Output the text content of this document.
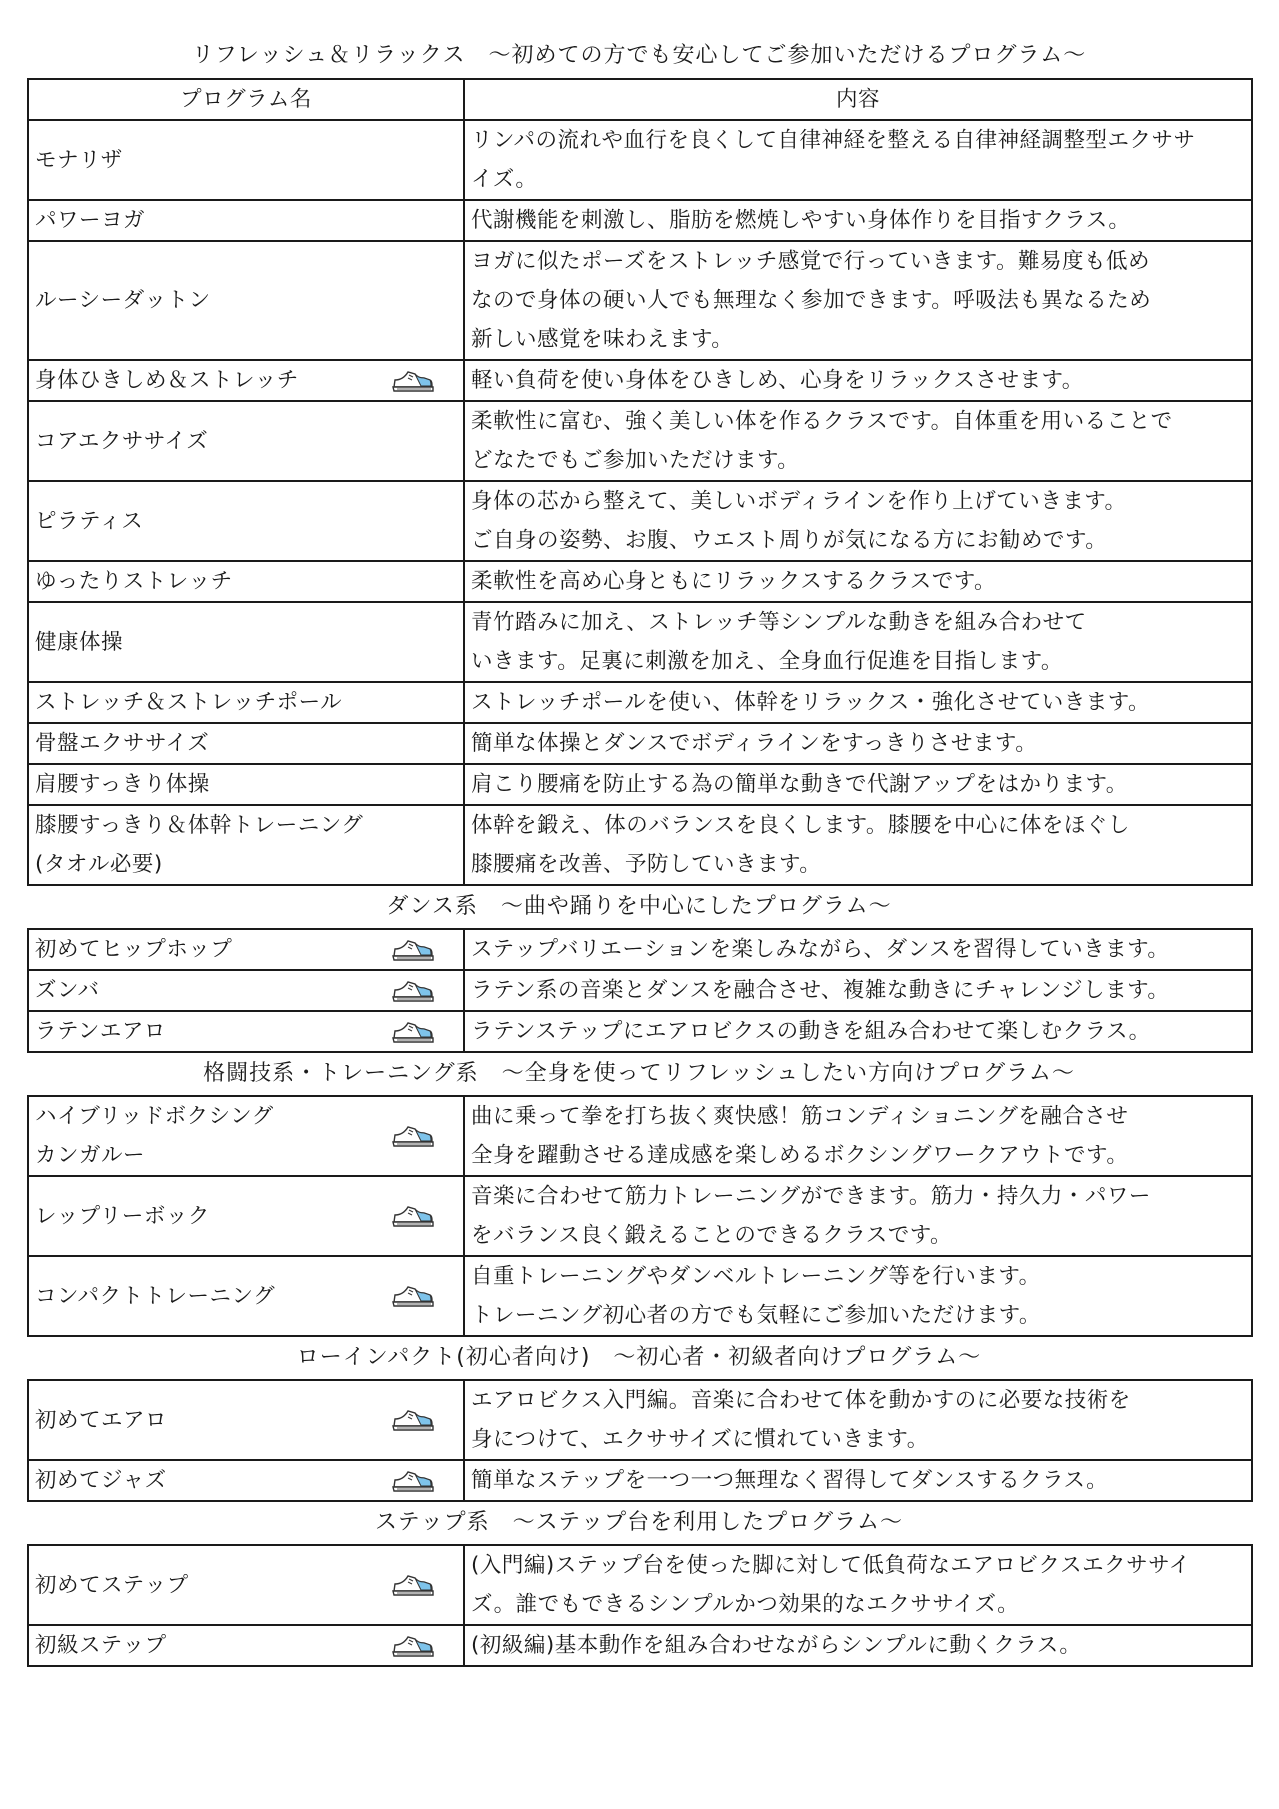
リフレッシュ＆リラックス　～初めての方でも安心してご参加いただけるプログラム～
プログラム名	内容

モナリザ	リンパの流れや血行を良くして自律神経を整える自律神経調整型エクササ
イズ。

パワーヨガ	代謝機能を刺激し、脂肪を燃焼しやすい身体作りを目指すクラス。

ルーシーダットン	ヨガに似たポーズをストレッチ感覚で行っていきます。難易度も低め
なので身体の硬い人でも無理なく参加できます。呼吸法も異なるため
新しい感覚を味わえます。

身体ひきしめ＆ストレッチ	軽い負荷を使い身体をひきしめ、心身をリラックスさせます。

コアエクササイズ	柔軟性に富む、強く美しい体を作るクラスです。自体重を用いることで
どなたでもご参加いただけます。

ピラティス	身体の芯から整えて、美しいボディラインを作り上げていきます。
ご自身の姿勢、お腹、ウエスト周りが気になる方にお勧めです。

ゆったりストレッチ	柔軟性を高め心身ともにリラックスするクラスです。

健康体操	青竹踏みに加え、ストレッチ等シンプルな動きを組み合わせて
いきます。足裏に刺激を加え、全身血行促進を目指します。

ストレッチ＆ストレッチポール	ストレッチポールを使い、体幹をリラックス・強化させていきます。

骨盤エクササイズ	簡単な体操とダンスでボディラインをすっきりさせます。

肩腰すっきり体操	肩こり腰痛を防止する為の簡単な動きで代謝アップをはかります。

膝腰すっきり＆体幹トレーニング
(タオル必要)	体幹を鍛え、体のバランスを良くします。膝腰を中心に体をほぐし
膝腰痛を改善、予防していきます。
ダンス系　～曲や踊りを中心にしたプログラム～
初めてヒップホップ	ステップバリエーションを楽しみながら、ダンスを習得していきます。

ズンバ	ラテン系の音楽とダンスを融合させ、複雑な動きにチャレンジします。

ラテンエアロ	ラテンステップにエアロビクスの動きを組み合わせて楽しむクラス。
格闘技系・トレーニング系　～全身を使ってリフレッシュしたい方向けプログラム～
ハイブリッドボクシング
カンガルー	曲に乗って拳を打ち抜く爽快感！筋コンディショニングを融合させ
全身を躍動させる達成感を楽しめるボクシングワークアウトです。

レップリーボック	音楽に合わせて筋力トレーニングができます。筋力・持久力・パワー
をバランス良く鍛えることのできるクラスです。

コンパクトトレーニング	自重トレーニングやダンベルトレーニング等を行います。
トレーニング初心者の方でも気軽にご参加いただけます。
ローインパクト(初心者向け)　～初心者・初級者向けプログラム～
初めてエアロ	エアロビクス入門編。音楽に合わせて体を動かすのに必要な技術を
身につけて、エクササイズに慣れていきます。

初めてジャズ	簡単なステップを一つ一つ無理なく習得してダンスするクラス。
ステップ系　～ステップ台を利用したプログラム～
初めてステップ	(入門編)ステップ台を使った脚に対して低負荷なエアロビクスエクササイ
ズ。誰でもできるシンプルかつ効果的なエクササイズ。

初級ステップ	(初級編)基本動作を組み合わせながらシンプルに動くクラス。
